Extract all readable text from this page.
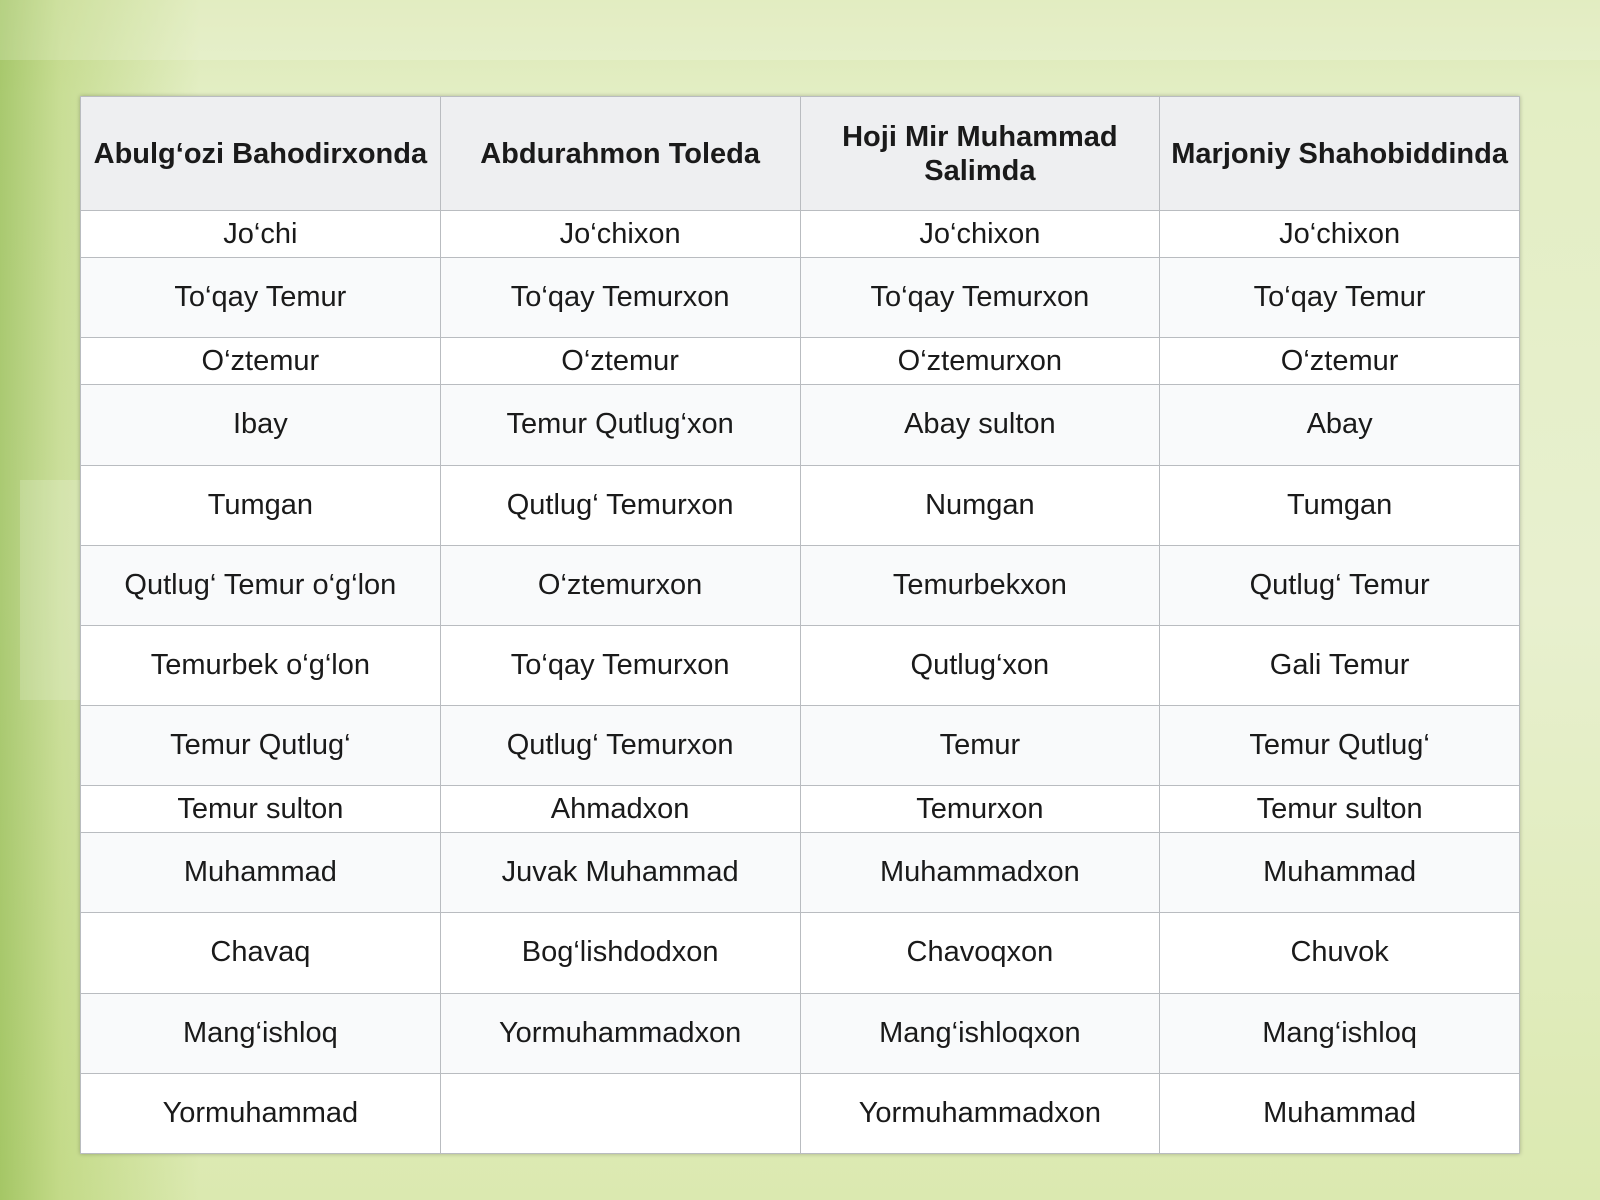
Abulg‘ozi Bahodirxonda	Abdurahmon Toleda	Hoji Mir Muhammad Salimda	Marjoniy Shahobiddinda
Jo‘chi	Jo‘chixon	Jo‘chixon	Jo‘chixon
To‘qay Temur	To‘qay Temurxon	To‘qay Temurxon	To‘qay Temur
O‘ztemur	O‘ztemur	O‘ztemurxon	O‘ztemur
Ibay	Temur Qutlug‘xon	Abay sulton	Abay
Tumgan	Qutlug‘ Temurxon	Numgan	Tumgan
Qutlug‘ Temur o‘g‘lon	O‘ztemurxon	Temurbekxon	Qutlug‘ Temur
Temurbek o‘g‘lon	To‘qay Temurxon	Qutlug‘xon	Gali Temur
Temur Qutlug‘	Qutlug‘ Temurxon	Temur	Temur Qutlug‘
Temur sulton	Ahmadxon	Temurxon	Temur sulton
Muhammad	Juvak Muhammad	Muhammadxon	Muhammad
Chavaq	Bog‘lishdodxon	Chavoqxon	Chuvok
Mang‘ishloq	Yormuhammadxon	Mang‘ishloqxon	Mang‘ishloq
Yormuhammad		Yormuhammadxon	Muhammad
